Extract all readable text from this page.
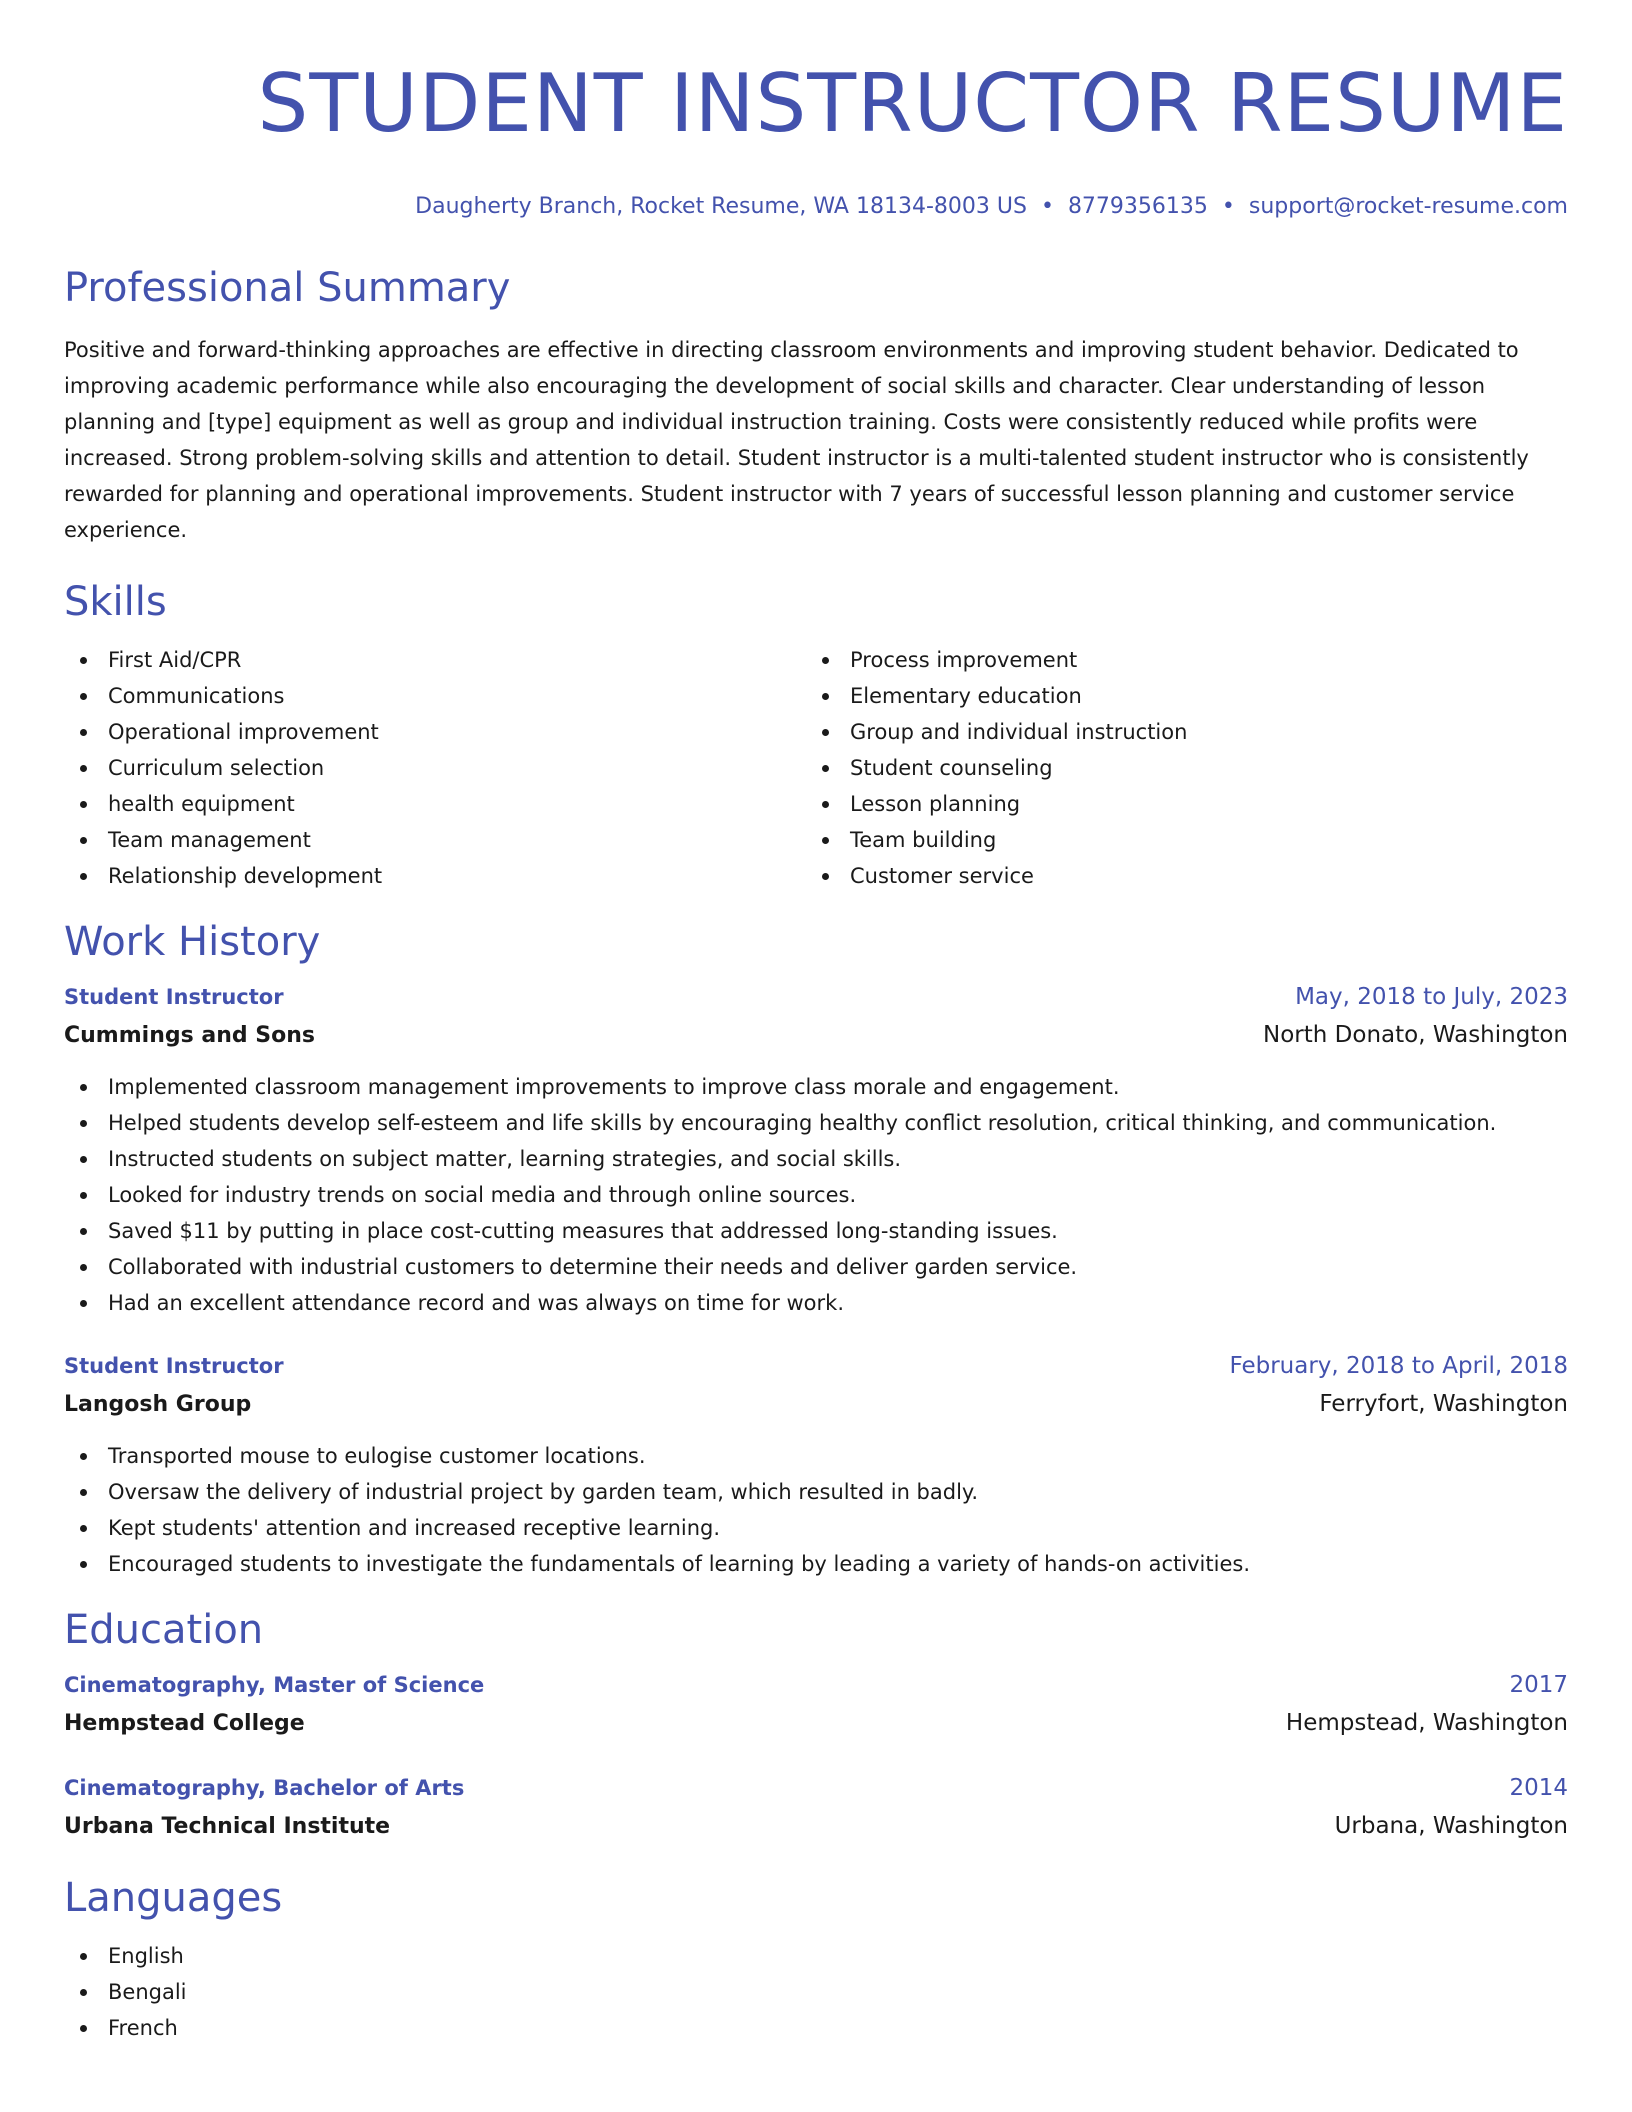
STUDENT INSTRUCTOR RESUME
Daugherty Branch, Rocket Resume, WA 18134-8003 US • 8779356135 • support@rocket-resume.com
Professional Summary

Positive and forward-thinking approaches are effective in directing classroom environments and improving student behavior. Dedicated to improving academic performance while also encouraging the development of social skills and character. Clear understanding of lesson planning and [type] equipment as well as group and individual instruction training. Costs were consistently reduced while profits were increased. Strong problem-solving skills and attention to detail. Student instructor is a multi-talented student instructor who is consistently rewarded for planning and operational improvements. Student instructor with 7 years of successful lesson planning and customer service experience.

Skills
First Aid/CPR
Communications
Operational improvement
Curriculum selection
health equipment
Team management
Relationship development
Process improvement
Elementary education
Group and individual instruction
Student counseling
Lesson planning
Team building
Customer service
Work History
Student Instructor	May, 2018 to July, 2023
Cummings and Sons	North Donato, Washington
Implemented classroom management improvements to improve class morale and engagement.
Helped students develop self-esteem and life skills by encouraging healthy conflict resolution, critical thinking, and communication.
Instructed students on subject matter, learning strategies, and social skills.
Looked for industry trends on social media and through online sources.
Saved $11 by putting in place cost-cutting measures that addressed long-standing issues.
Collaborated with industrial customers to determine their needs and deliver garden service.
Had an excellent attendance record and was always on time for work.
Student Instructor	February, 2018 to April, 2018
Langosh Group	Ferryfort, Washington
Transported mouse to eulogise customer locations.
Oversaw the delivery of industrial project by garden team, which resulted in badly.
Kept students' attention and increased receptive learning.
Encouraged students to investigate the fundamentals of learning by leading a variety of hands-on activities.
Education
Cinematography, Master of Science	2017
Hempstead College	Hempstead, Washington
Cinematography, Bachelor of Arts	2014
Urbana Technical Institute	Urbana, Washington
Languages
English
Bengali
French
